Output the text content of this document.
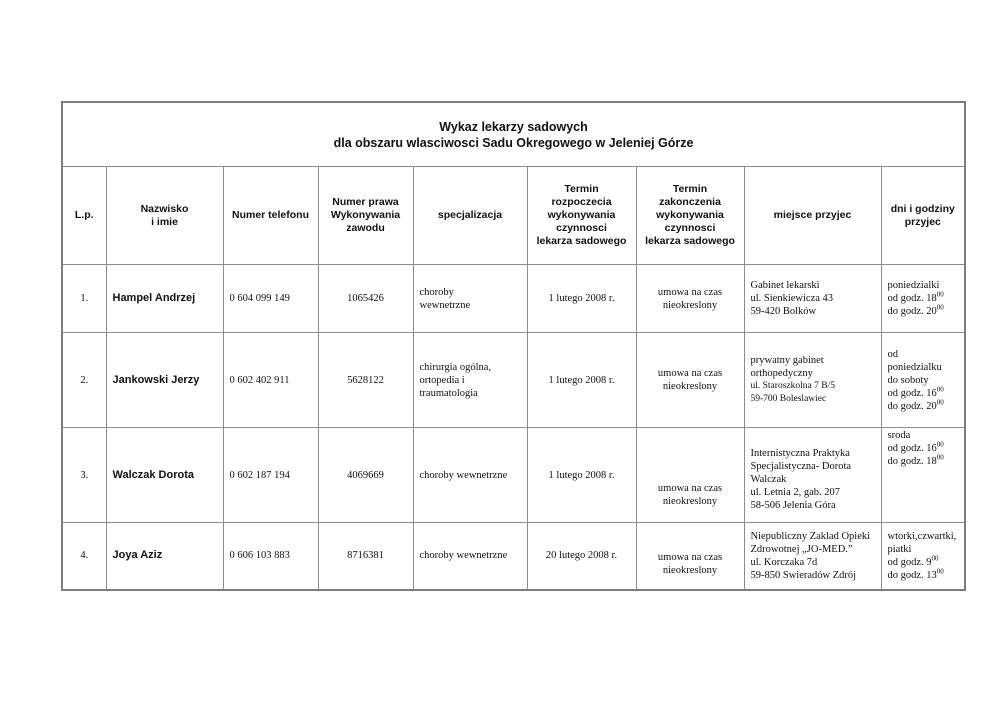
Wykaz lekarzy sadowych
dla obszaru wlasciwosci Sadu Okregowego w Jeleniej Górze								

L.p.	Nazwisko
i imie	Numer telefonu	Numer prawa
Wykonywania
zawodu	specjalizacja	Termin
rozpoczecia
wykonywania
czynnosci
lekarza sadowego	Termin
zakonczenia
wykonywania
czynnosci
lekarza sadowego	miejsce przyjec	dni i godziny
przyjec
1.	Hampel Andrzej	0 604 099 149	1065426	choroby
wewnetrzne	1 lutego 2008 r.	umowa na czas
nieokreslony	Gabinet lekarski
ul. Sienkiewicza 43
59-420 Bolków	poniedzialki
od godz. $18^{00}$
do godz. $20^{00}$

2.	Jankowski Jerzy	0 602 402 911	5628122	chirurgia ogólna,
ortopedia i
traumatologia	1 lutego 2008 r.	umowa na czas
nieokreslony	prywatny gabinet
orthopedyczny
ul. Staroszkolna 7 B/5
59-700 Boleslawiec	od
poniedzialku
do soboty
od godz. $16^{00}$
do godz. $20^{00}$

3.	Walczak Dorota	0 602 187 194	4069669	choroby wewnetrzne	1 lutego 2008 r.	umowa na czas
nieokreslony	Internistyczna Praktyka
Specjalistyczna- Dorota
Walczak
ul. Letnia 2, gab. 207
58-506 Jelenia Góra	sroda
od godz. $16^{00}$
do godz. $18^{00}$

4.	Joya Aziz	0 606 103 883	8716381	choroby wewnetrzne	20 lutego 2008 r.	umowa na czas
nieokreslony	Niepubliczny Zaklad Opieki
Zdrowotnej „JO-MED.”
ul. Korczaka 7d
59-850 Swieradów Zdrój	wtorki,czwartki,
piatki
od godz. $9^{00}$
do godz. $13^{00}$
